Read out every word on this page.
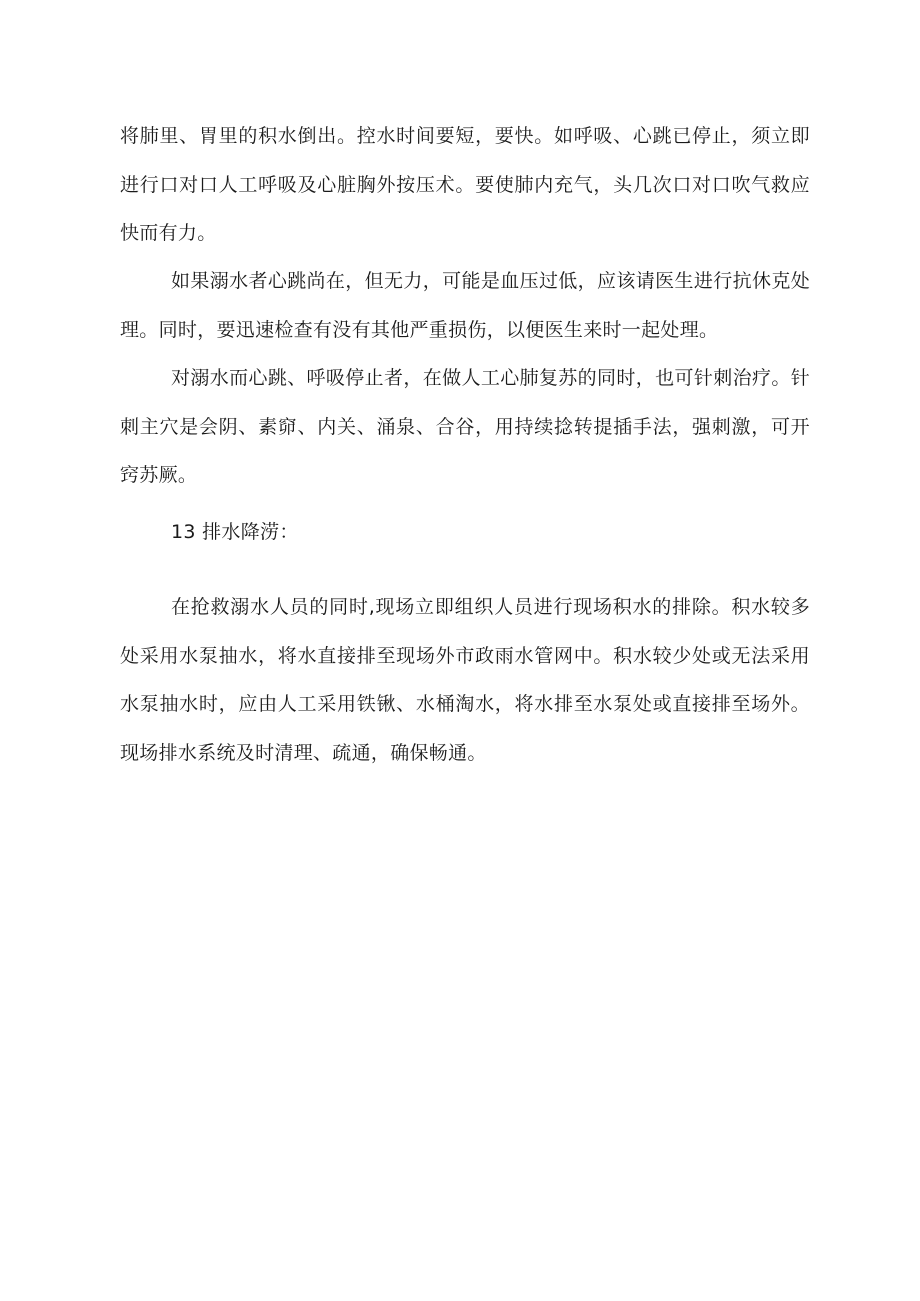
将肺里、胃里的积水倒出。控水时间要短，要快。如呼吸、心跳已停止，须立即进行口对口人工呼吸及心脏胸外按压术。要使肺内充气，头几次口对口吹气救应快而有力。

如果溺水者心跳尚在，但无力，可能是血压过低，应该请医生进行抗休克处理。同时，要迅速检查有没有其他严重损伤，以便医生来时一起处理。

对溺水而心跳、呼吸停止者，在做人工心肺复苏的同时，也可针刺治疗。针刺主穴是会阴、素窌、内关、涌泉、合谷，用持续捻转提插手法，强刺激，可开窍苏厥。

13 排水降涝：

在抢救溺水人员的同时,现场立即组织人员进行现场积水的排除。积水较多处采用水泵抽水，将水直接排至现场外市政雨水管网中。积水较少处或无法采用水泵抽水时，应由人工采用铁锹、水桶淘水，将水排至水泵处或直接排至场外。现场排水系统及时清理、疏通，确保畅通。
